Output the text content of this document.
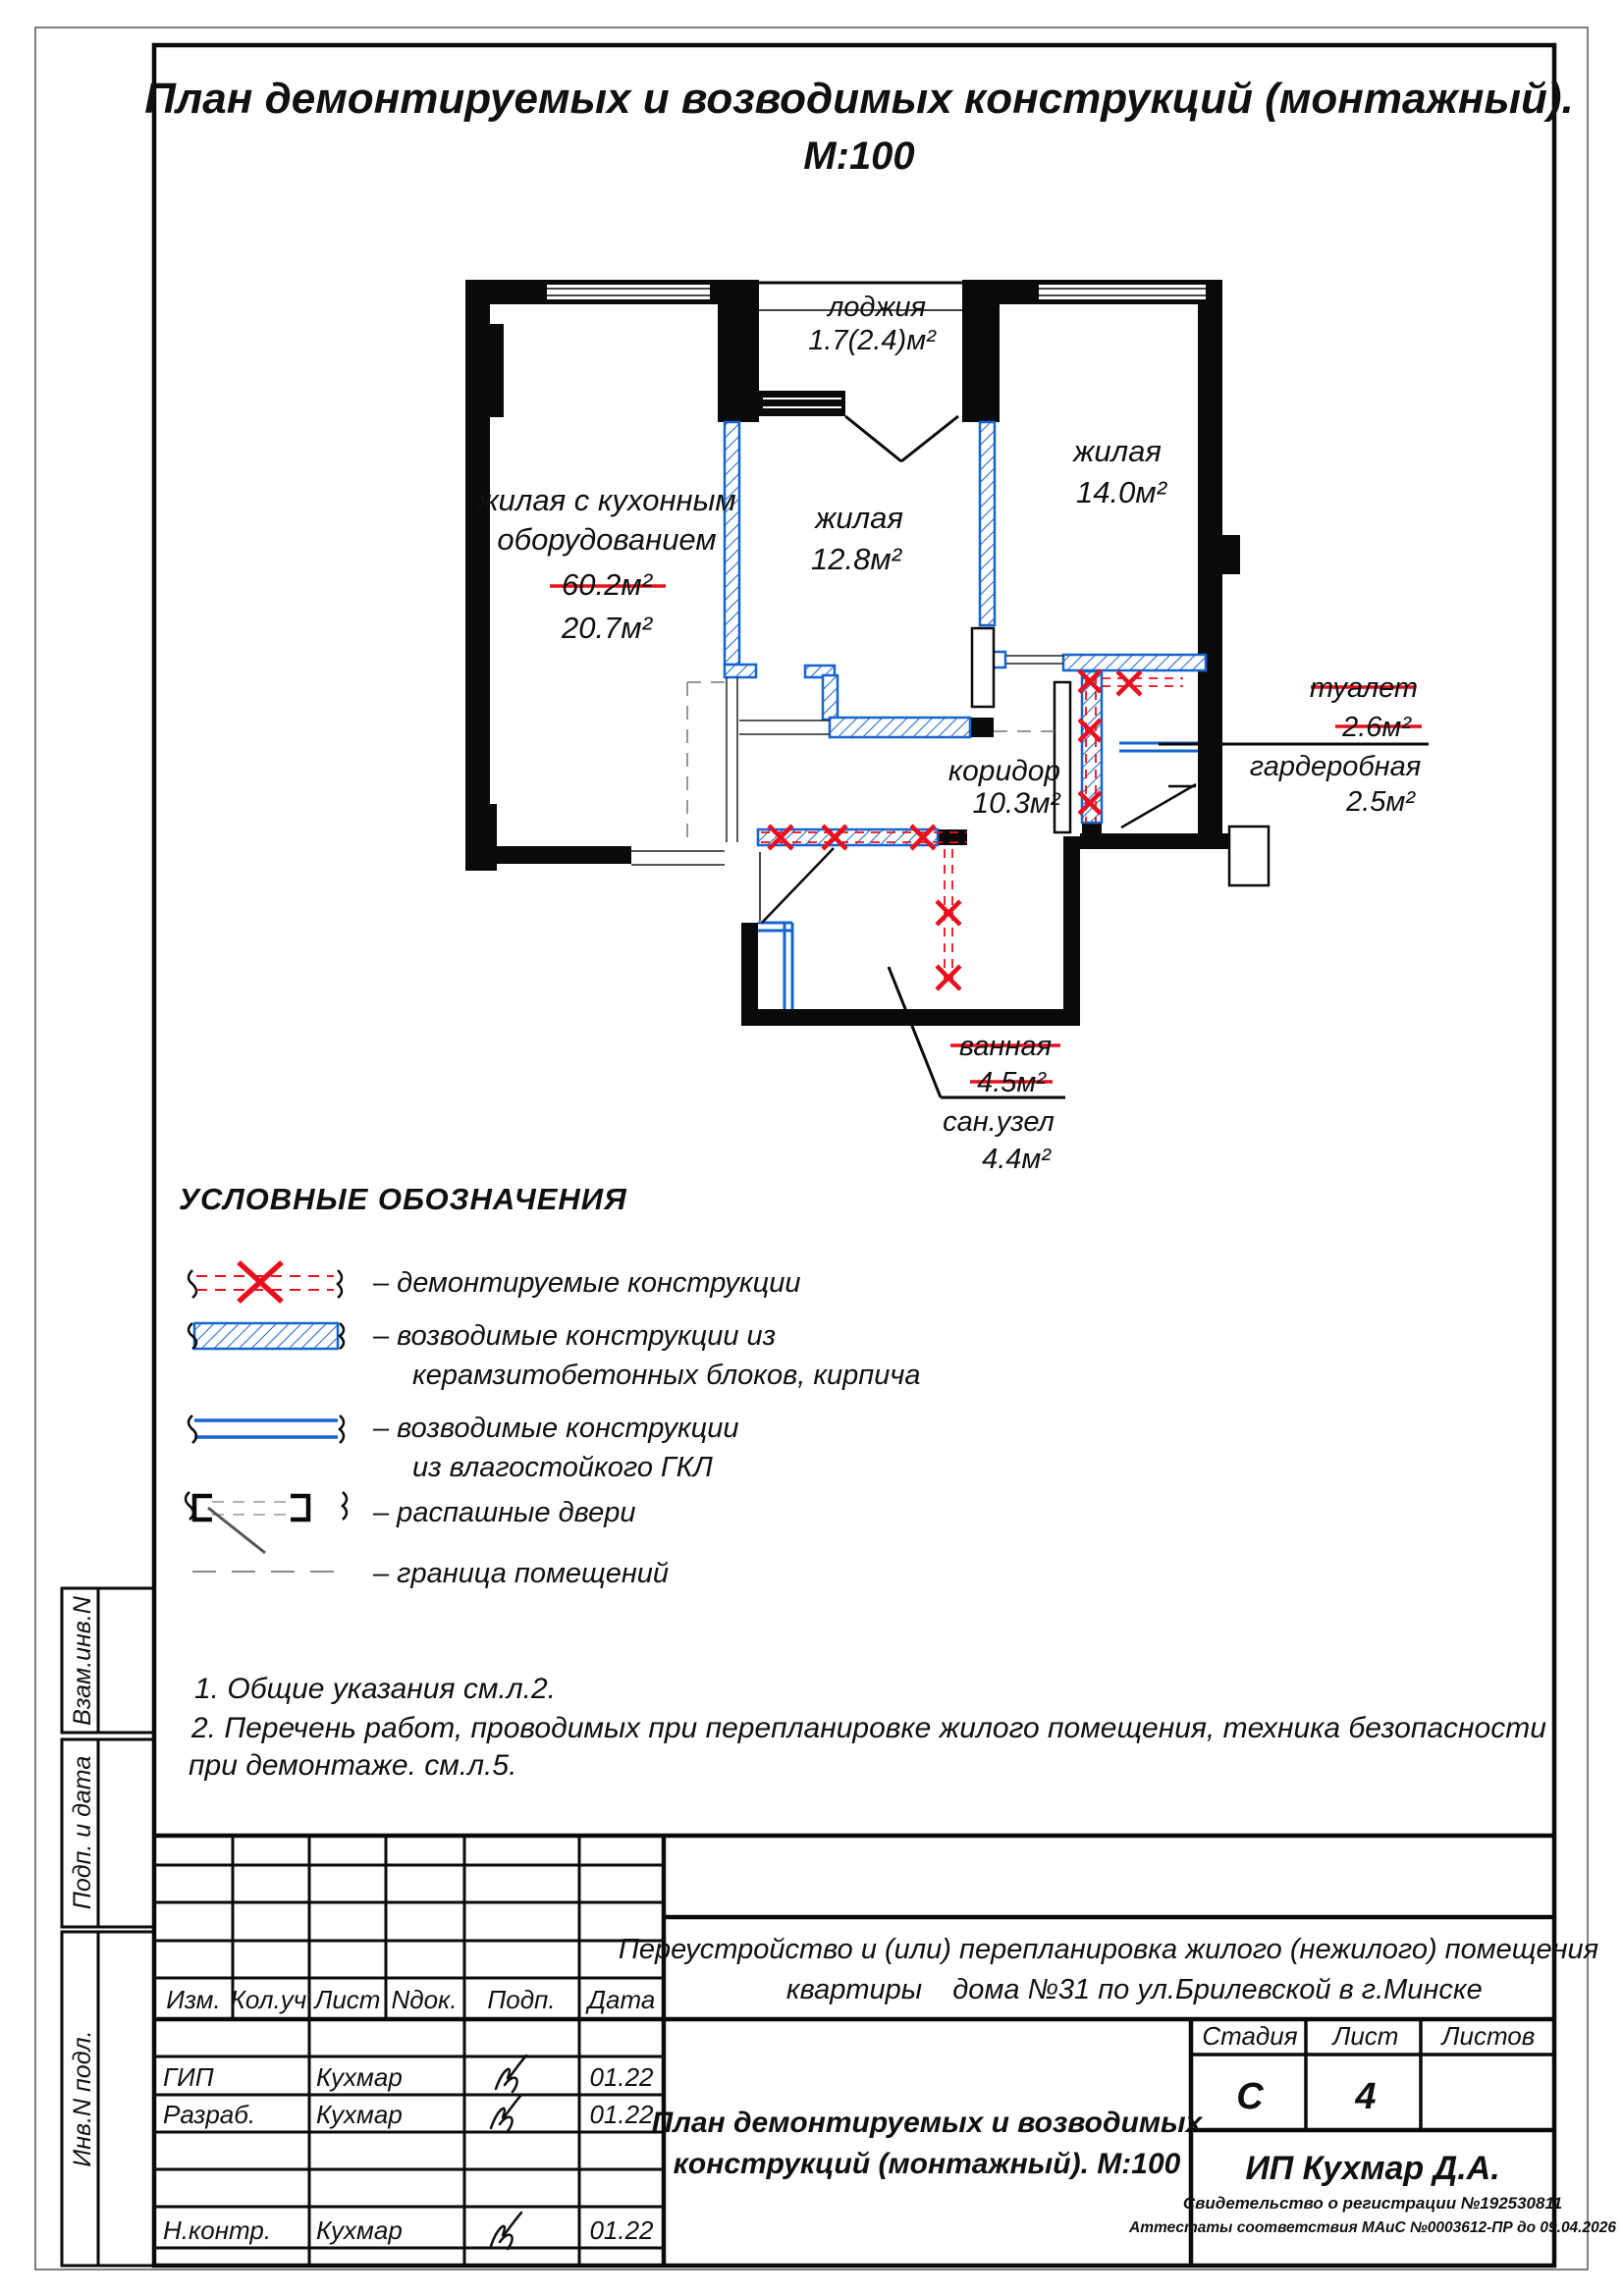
Взам.инв.N
Подп. и дата
Инв.N подл.
План демонтируемых и возводимых конструкций (монтажный).
М:100
жилая с кухонным
оборудованием
60.2м²
20.7м²
лоджия
1.7(2.4)м²
жилая
12.8м²
жилая
14.0м²
коридор
10.3м²
туалет
2.6м²
гардеробная
2.5м²
ванная
4.5м²
сан.узел
4.4м²
УСЛОВНЫЕ ОБОЗНАЧЕНИЯ
– демонтируемые конструкции
– возводимые конструкции из
керамзитобетонных блоков, кирпича
– возводимые конструкции
из влагостойкого ГКЛ
– распашные двери
– граница помещений
1. Общие указания см.л.2.
2. Перечень работ, проводимых при перепланировке жилого помещения, техника безопасности
при демонтаже. см.л.5.
Изм. Кол.уч. Лист Nдок. Подп. Дата
ГИП	Кухмар	01.22
Разраб. Кухмар	01.22
Н.контр. Кухмар	01.22
Переустройство и (или) перепланировка жилого (нежилого) помещения
квартиры дома №31 по ул.Брилевской в г.Минске
План демонтируемых и возводимых
конструкций (монтажный). М:100
Стадия Лист Листов
С 4
ИП Кухмар Д.А.
Свидетельство о регистрации №192530811
Аттестаты соответствия МАиС №0003612-ПР до 09.04.2026
